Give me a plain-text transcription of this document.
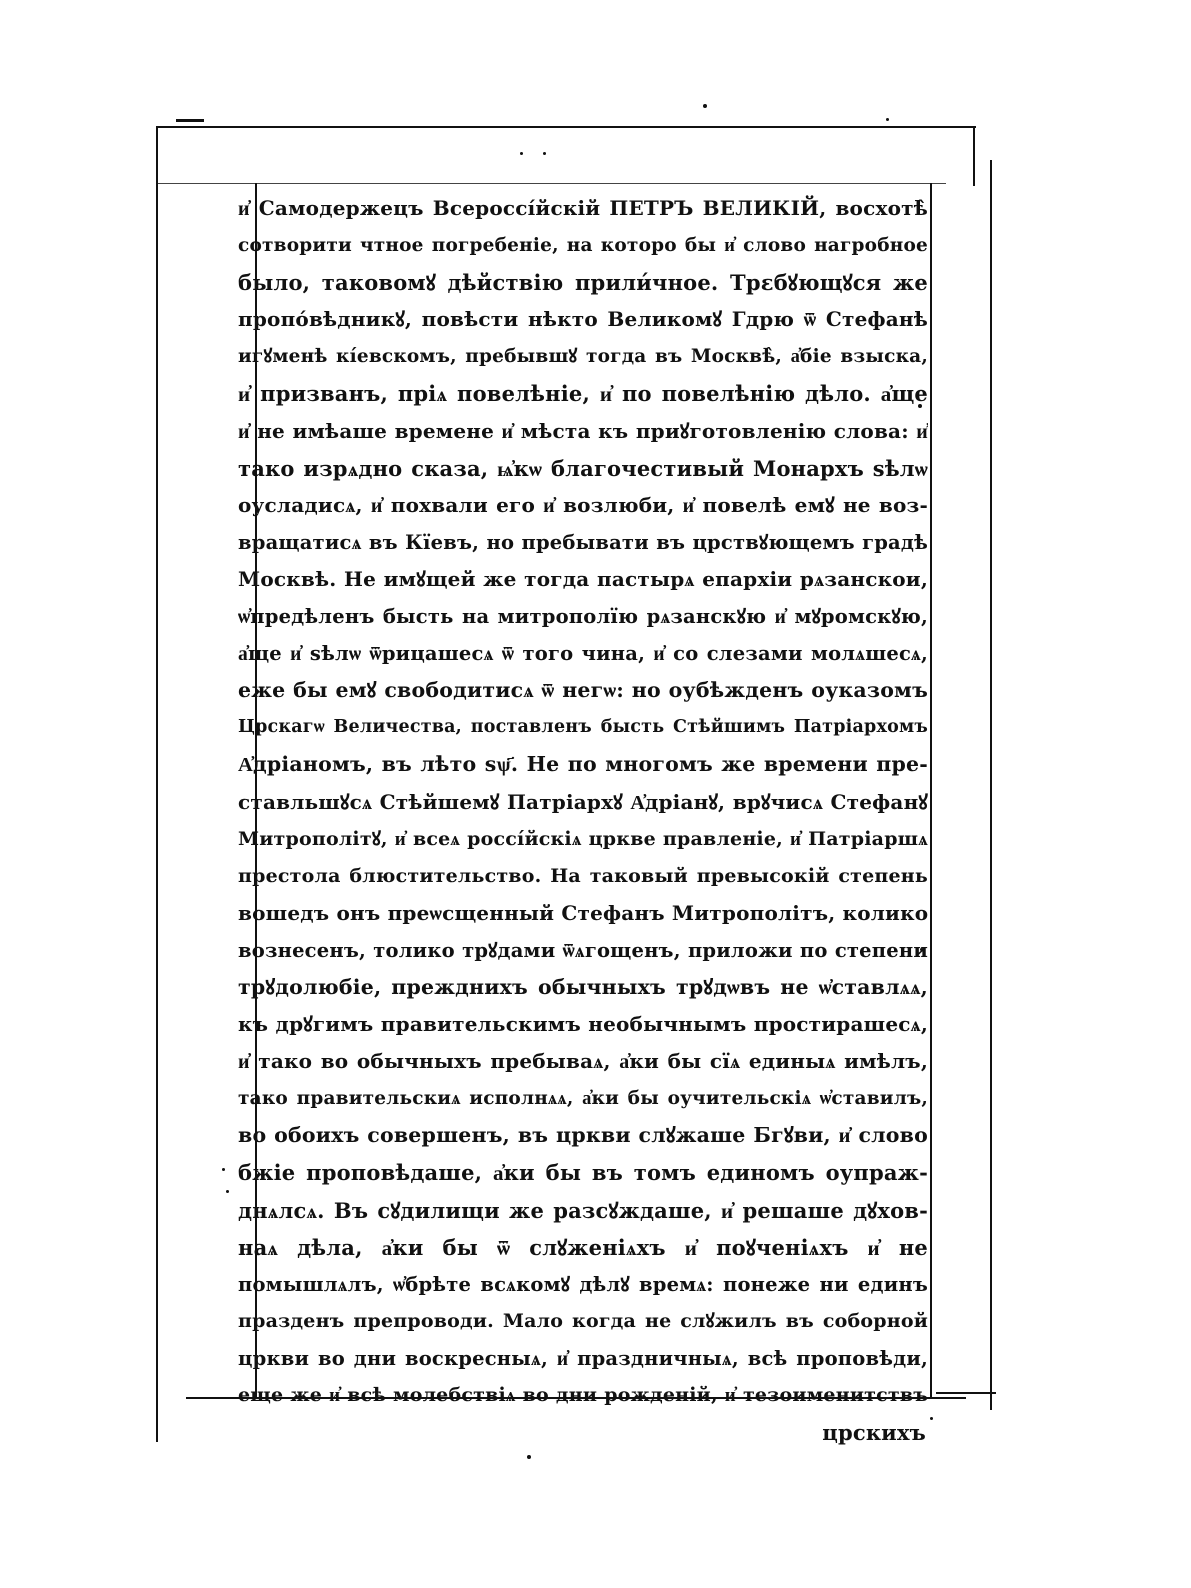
и҆ Самодержецъ Всероссі́йскій ПЕТРЪ ВЕЛИКІЙ, восхотѣ̀
сотворити чтное погребеніе, на которо бы и҆ слово нагробное
было, таковомꙋ дѣйствію прили́чное. Трεбꙋющꙋся же
пропо́вѣдникꙋ, повѣсти нѣкто Великомꙋ Гдрю ѿ Стефанѣ
игꙋменѣ кі́евскомъ, пребывшꙋ тогда въ Москвѣ̀, а҆біе взыска,
и҆ призванъ, пріѧ повелѣніе, и҆ по повелѣнію дѣло. а҆ще
и҆ не имѣаше времене и҆ мѣста къ приꙋготовленію слова: и҆
тако изрѧдно сказа, ѩ҆кѡ благочестивый Монархъ ѕѣлѡ
оусладисѧ, и҆ похвали его и҆ возлюби, и҆ повелѣ емꙋ не воз-
вращатисѧ въ Кїевъ, но пребывати въ црствꙋющемъ градѣ
Москвѣ. Не имꙋщей же тогда пастырѧ епархіи рѧзанскои,
ѡ҆предѣленъ бысть на митрополїю рѧзанскꙋю и҆ мꙋромскꙋю,
а҆ще и҆ ѕѣлѡ ѿрицашесѧ ѿ того чина, и҆ со слезами молѧшесѧ,
еже бы емꙋ свободитисѧ ѿ негѡ: но оубѣжденъ оуказомъ
Црскагѡ Величества, поставленъ бысть Стѣйшимъ Патріархомъ
А҆дріаномъ, въ лѣто ѕѱ҃. Не по многомъ же времени пре-
ставльшꙋсѧ Стѣйшемꙋ Патріархꙋ А҆дріанꙋ, врꙋчисѧ Стефанꙋ
Митрополітꙋ, и҆ всеѧ россі́йскіѧ цркве правленіе, и҆ Патріаршѧ
престола блюстительство. На таковый превысокій степень
вошедъ онъ преѡсщенный Стефанъ Митрополітъ, колико
вознесенъ, толико трꙋдами ѿѧгощенъ, приложи по степени
трꙋдолюбіе, прежднихъ обычныхъ трꙋдѡвъ не ѡ҆ставлѧѧ,
къ дрꙋгимъ правительскимъ необычнымъ простирашесѧ,
и҆ тако во обычныхъ пребываѧ, а҆ки бы сїѧ единыѧ имѣлъ,
тако правительскиѧ исполнѧѧ, а҆ки бы оучительскіѧ ѡ҆ставилъ,
во обоихъ совершенъ, въ цркви слꙋжаше Бгꙋви, и҆ слово
бжіе проповѣдаше, а҆ки бы въ томъ единомъ оупраж-
днѧлсѧ. Въ сꙋдилищи же разсꙋждаше, и҆ решаше дꙋхов-
наѧ дѣла, а҆ки бы ѿ слꙋженіѧхъ и҆ поꙋченіѧхъ и҆ не
помышлѧлъ, ѡ҆брѣте всѧкомꙋ дѣлꙋ времѧ: понеже ни единъ
празденъ препроводи. Мало когда не слꙋжилъ въ соборной
цркви во дни воскресныѧ, и҆ праздничныѧ, всѣ проповѣди,
еще же и҆ всѣ молебствіѧ во дни рожденій, и҆ тезоименитствъ
црскихъ
